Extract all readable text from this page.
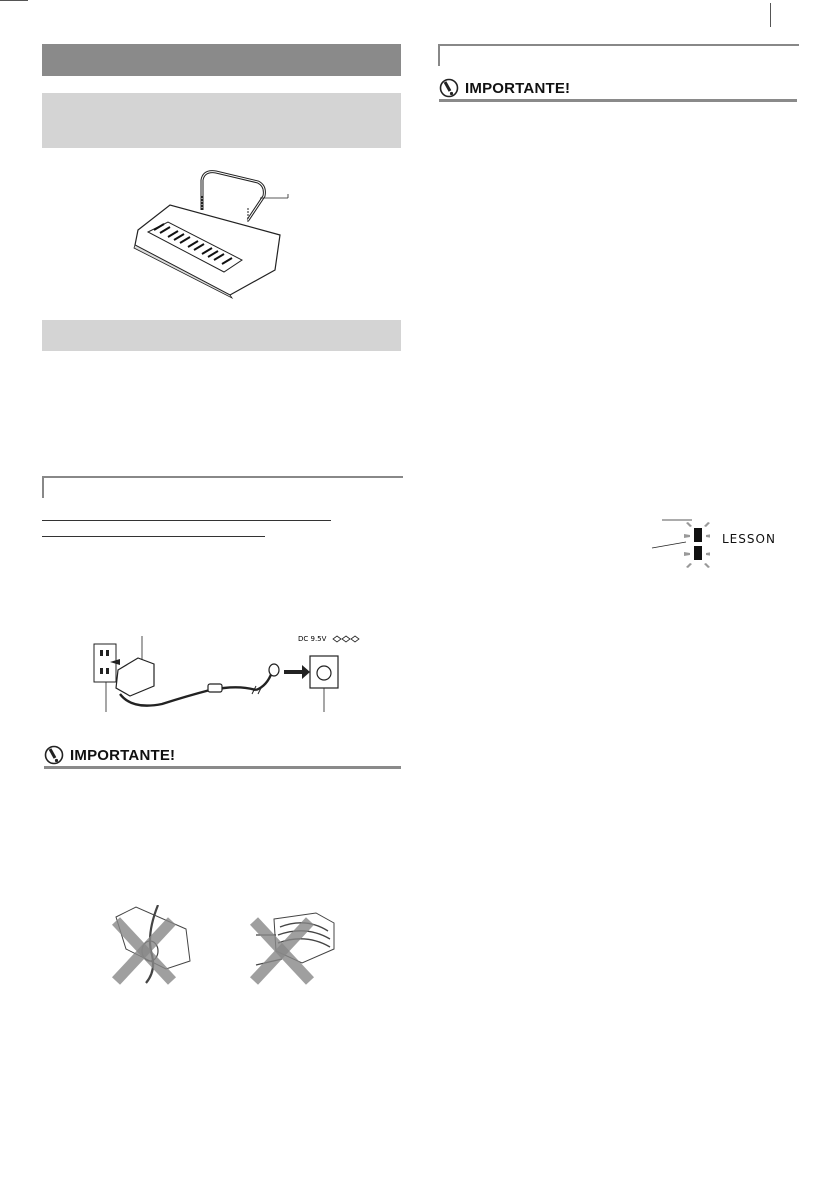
DC 9.5V
IMPORTANTE!
IMPORTANTE!
LESSON
